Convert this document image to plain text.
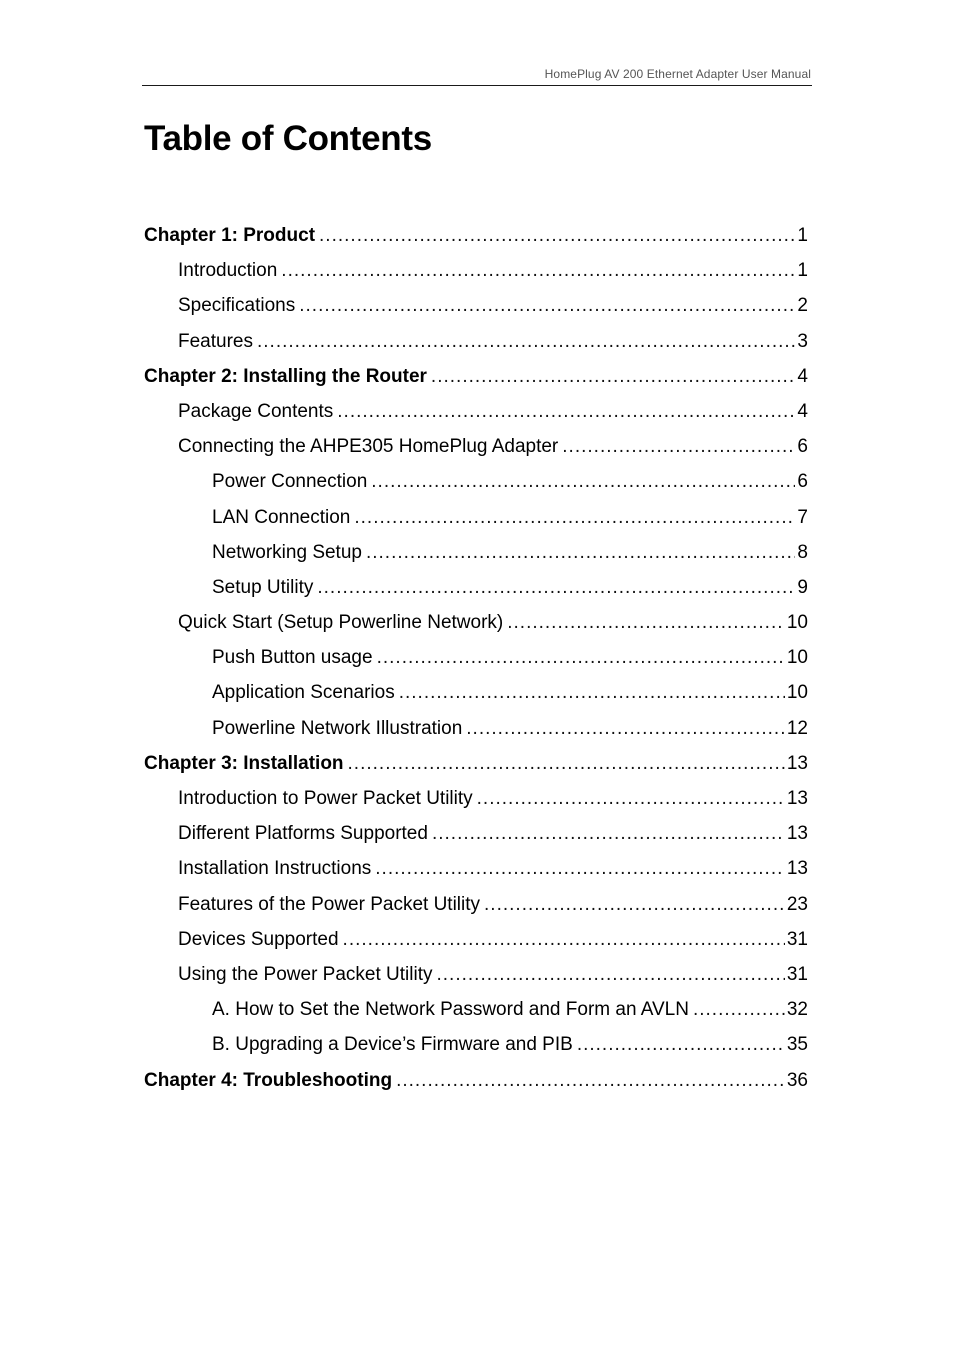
HomePlug AV 200 Ethernet Adapter User Manual
Table of Contents
Chapter 1: Product .....	1
Introduction .....	1
Specifications .....	2
Features .....	3
Chapter 2: Installing the Router .....	4
Package Contents .....	4
Connecting the AHPE305 HomePlug Adapter .....	6
Power Connection .....	6
LAN Connection .....	7
Networking Setup .....	8
Setup Utility .....	9
Quick Start (Setup Powerline Network) .....	10
Push Button usage .....	10
Application Scenarios .....	10
Powerline Network Illustration .....	12
Chapter 3: Installation .....	13
Introduction to Power Packet Utility .....	13
Different Platforms Supported .....	13
Installation Instructions .....	13
Features of the Power Packet Utility .....	23
Devices Supported .....	31
Using the Power Packet Utility .....	31
A. How to Set the Network Password and Form an AVLN .....	32
B. Upgrading a Device’s Firmware and PIB .....	35
Chapter 4: Troubleshooting .....	36
